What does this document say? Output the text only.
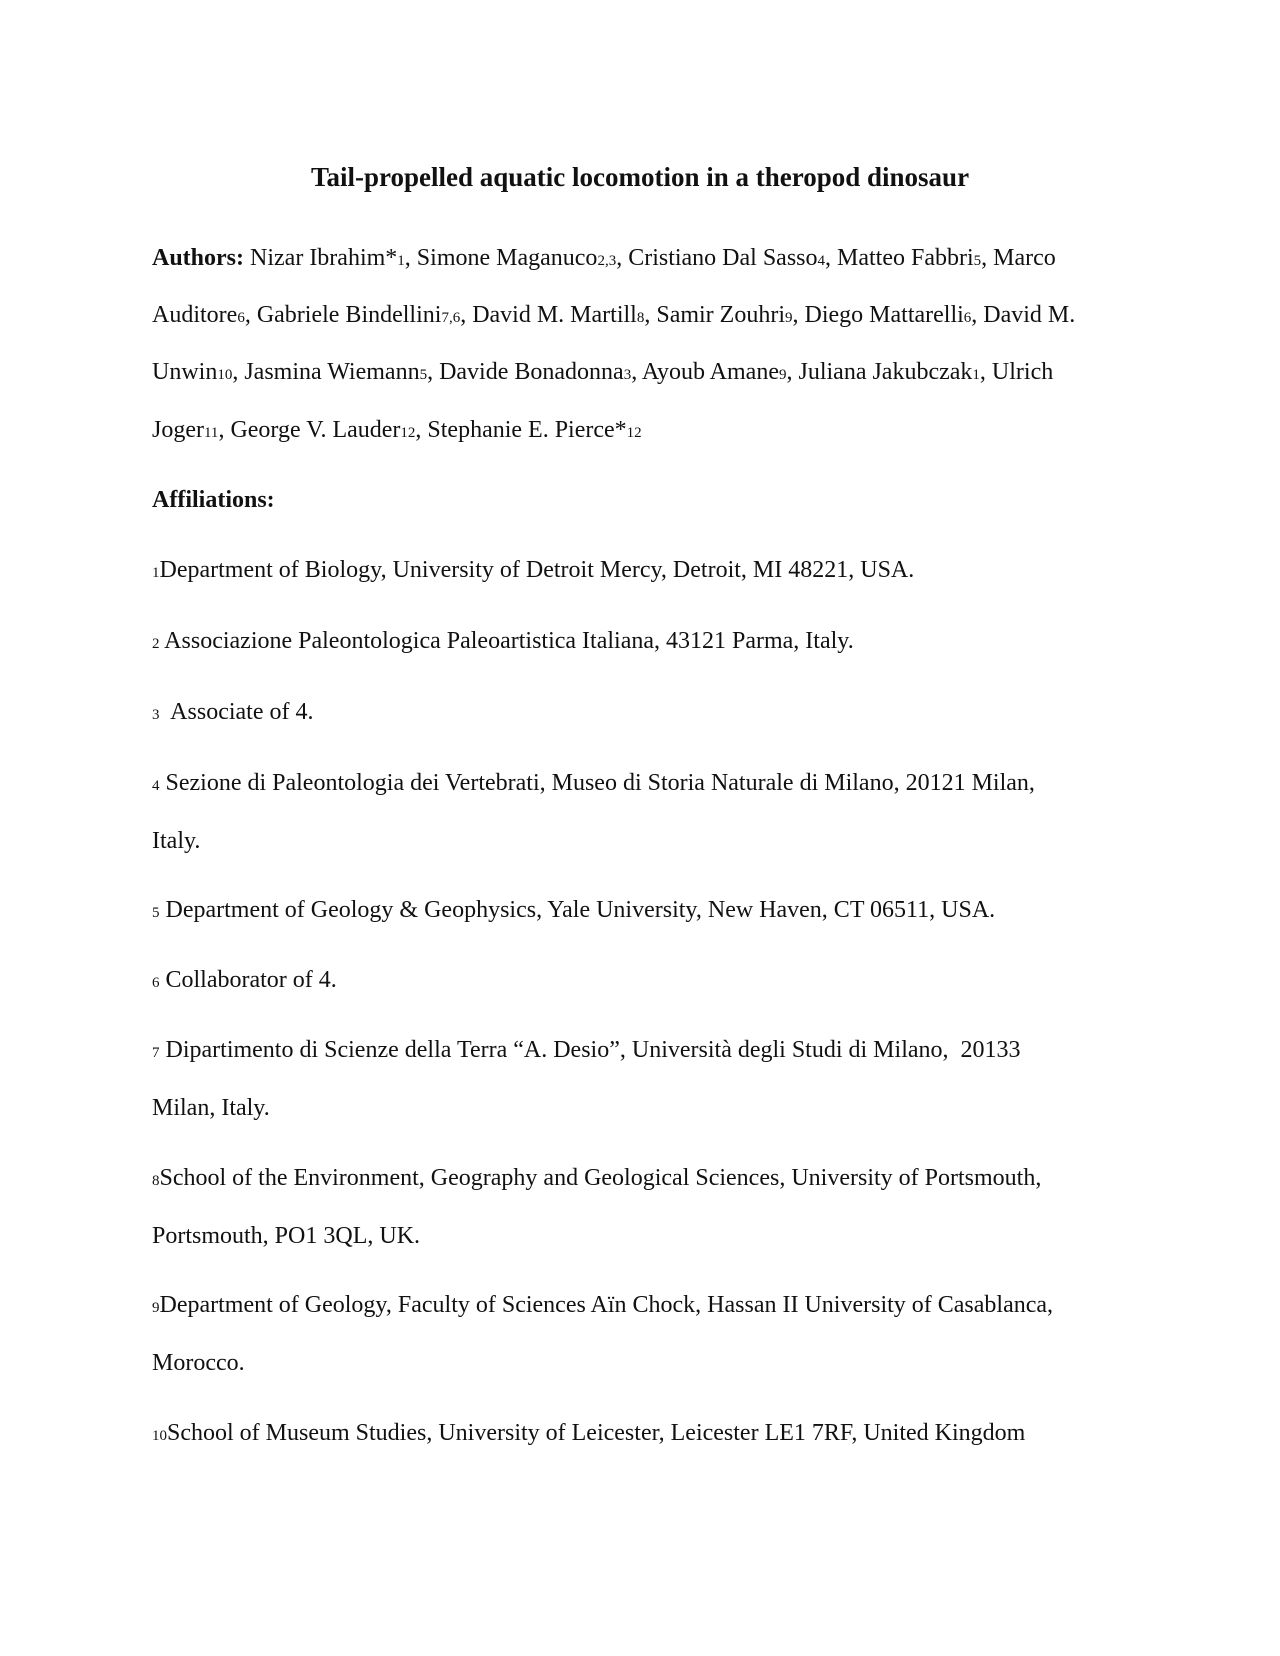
Tail-propelled aquatic locomotion in a theropod dinosaur

Authors: Nizar Ibrahim*1, Simone Maganuco2,3, Cristiano Dal Sasso4, Matteo Fabbri5, Marco

Auditore6, Gabriele Bindellini7,6, David M. Martill8, Samir Zouhri9, Diego Mattarelli6, David M.

Unwin10, Jasmina Wiemann5, Davide Bonadonna3, Ayoub Amane9, Juliana Jakubczak1, Ulrich

Joger11, George V. Lauder12, Stephanie E. Pierce*12

Affiliations:

1Department of Biology, University of Detroit Mercy, Detroit, MI 48221, USA.

2 Associazione Paleontologica Paleoartistica Italiana, 43121 Parma, Italy.

3  Associate of 4.

4 Sezione di Paleontologia dei Vertebrati, Museo di Storia Naturale di Milano, 20121 Milan,

Italy.

5 Department of Geology & Geophysics, Yale University, New Haven, CT 06511, USA.

6 Collaborator of 4.

7 Dipartimento di Scienze della Terra “A. Desio”, Università degli Studi di Milano,  20133

Milan, Italy.

8School of the Environment, Geography and Geological Sciences, University of Portsmouth,

Portsmouth, PO1 3QL, UK.

9Department of Geology, Faculty of Sciences Aïn Chock, Hassan II University of Casablanca,

Morocco.

10School of Museum Studies, University of Leicester, Leicester LE1 7RF, United Kingdom
